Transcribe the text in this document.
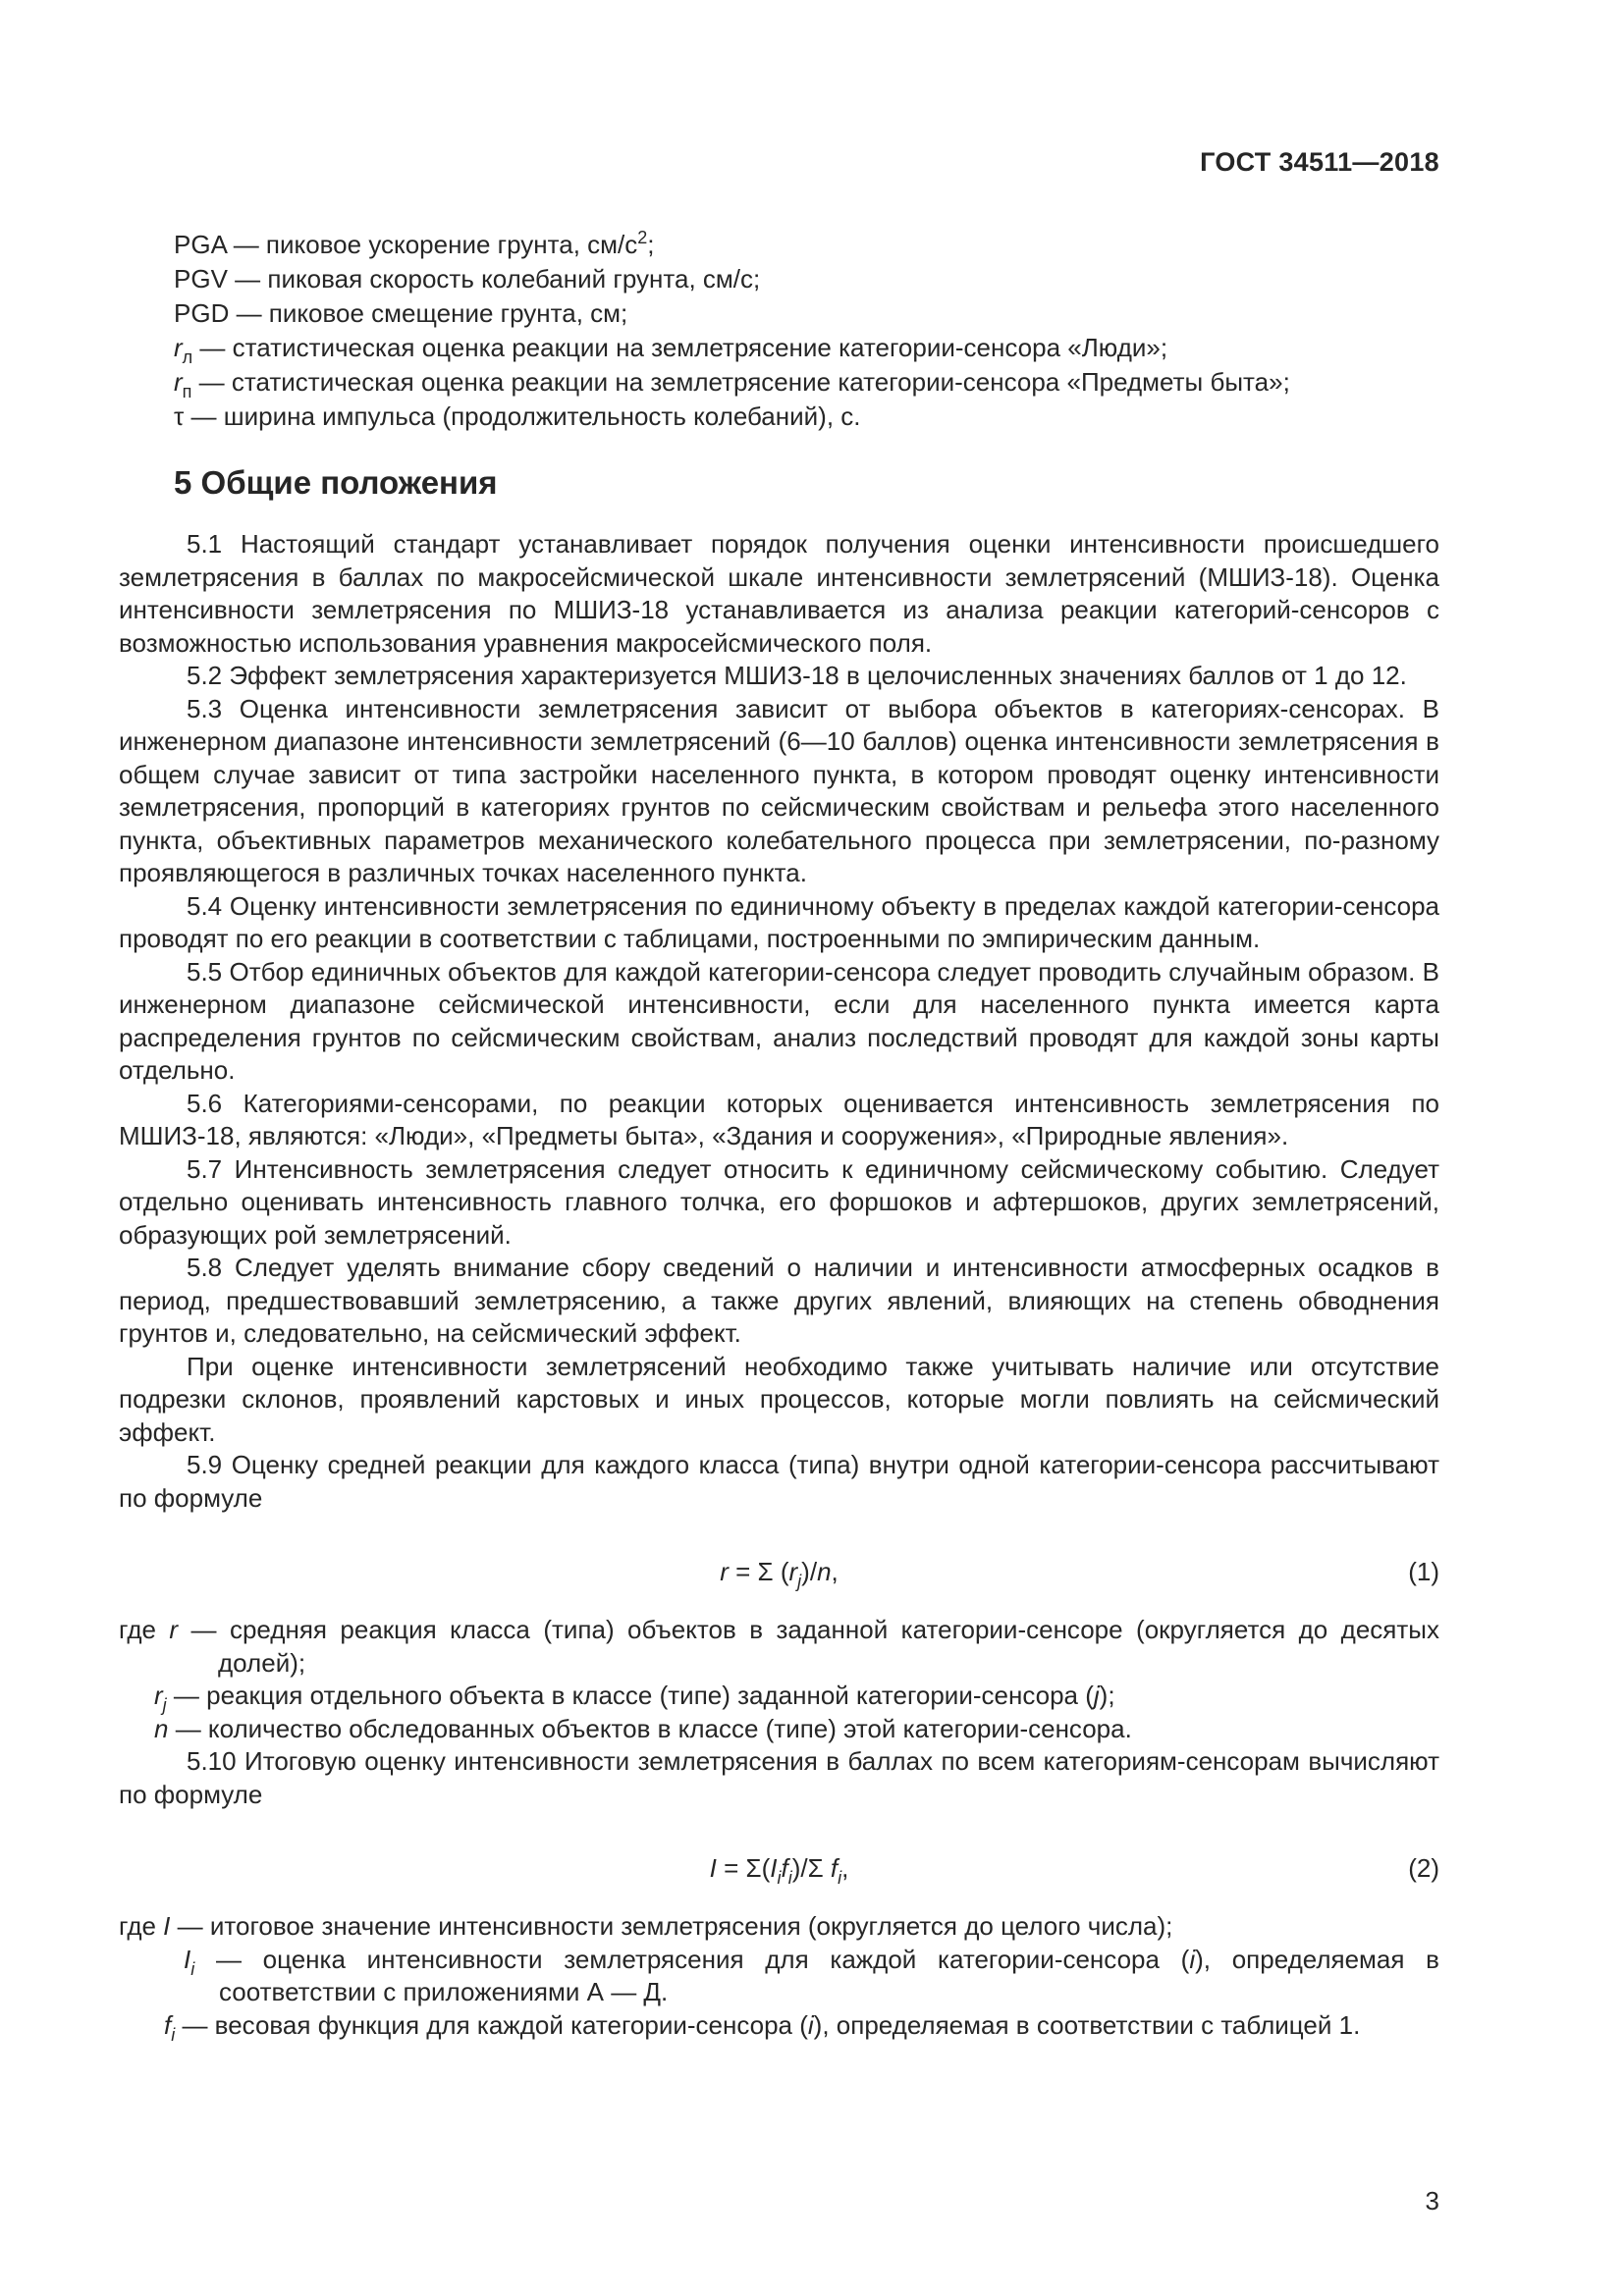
ГОСТ 34511—2018
PGA — пиковое ускорение грунта, $см/с^2$;
PGV — пиковая скорость колебаний грунта, см/с;
PGD — пиковое смещение грунта, см;
$r_л$ — статистическая оценка реакции на землетрясение категории-сенсора «Люди»;
$r_п$ — статистическая оценка реакции на землетрясение категории-сенсора «Предметы быта»;
τ — ширина импульса (продолжительность колебаний), с.
5 Общие положения

5.1 Настоящий стандарт устанавливает порядок получения оценки интенсивности происшедшего землетрясения в баллах по макросейсмической шкале интенсивности землетрясений (МШИЗ-18). Оценка интенсивности землетрясения по МШИЗ-18 устанавливается из анализа реакции категорий-сенсоров с возможностью использования уравнения макросейсмического поля.

5.2 Эффект землетрясения характеризуется МШИЗ-18 в целочисленных значениях баллов от 1 до 12.

5.3 Оценка интенсивности землетрясения зависит от выбора объектов в категориях-сенсорах. В инженерном диапазоне интенсивности землетрясений (6—10 баллов) оценка интенсивности землетрясения в общем случае зависит от типа застройки населенного пункта, в котором проводят оценку интенсивности землетрясения, пропорций в категориях грунтов по сейсмическим свойствам и рельефа этого населенного пункта, объективных параметров механического колебательного процесса при землетрясении, по-разному проявляющегося в различных точках населенного пункта.

5.4 Оценку интенсивности землетрясения по единичному объекту в пределах каждой категории-сенсора проводят по его реакции в соответствии с таблицами, построенными по эмпирическим данным.

5.5 Отбор единичных объектов для каждой категории-сенсора следует проводить случайным образом. В инженерном диапазоне сейсмической интенсивности, если для населенного пункта имеется карта распределения грунтов по сейсмическим свойствам, анализ последствий проводят для каждой зоны карты отдельно.

5.6 Категориями-сенсорами, по реакции которых оценивается интенсивность землетрясения по МШИЗ-18, являются: «Люди», «Предметы быта», «Здания и сооружения», «Природные явления».

5.7 Интенсивность землетрясения следует относить к единичному сейсмическому событию. Следует отдельно оценивать интенсивность главного толчка, его форшоков и афтершоков, других землетрясений, образующих рой землетрясений.

5.8 Следует уделять внимание сбору сведений о наличии и интенсивности атмосферных осадков в период, предшествовавший землетрясению, а также других явлений, влияющих на степень обводнения грунтов и, следовательно, на сейсмический эффект.

При оценке интенсивности землетрясений необходимо также учитывать наличие или отсутствие подрезки склонов, проявлений карстовых и иных процессов, которые могли повлиять на сейсмический эффект.

5.9 Оценку средней реакции для каждого класса (типа) внутри одной категории-сенсора рассчитывают по формуле

r = Σ $(r_j)/n$,	(1)
где r — средняя реакция класса (типа) объектов в заданной категории-сенсоре (округляется до десятых долей);
$r_j$ — реакция отдельного объекта в классе (типе) заданной категории-сенсора (j);
n — количество обследованных объектов в классе (типе) этой категории-сенсора.

5.10 Итоговую оценку интенсивности землетрясения в баллах по всем категориям-сенсорам вычисляют по формуле

$I = \Sigma(I_if_i)/\Sigma$ $f_i$,	(2)
где I — итоговое значение интенсивности землетрясения (округляется до целого числа);
$I_i$ — оценка интенсивности землетрясения для каждой категории-сенсора (i), определяемая в соответствии с приложениями А — Д.
$f_i$ — весовая функция для каждой категории-сенсора (i), определяемая в соответствии с таблицей 1.
3
